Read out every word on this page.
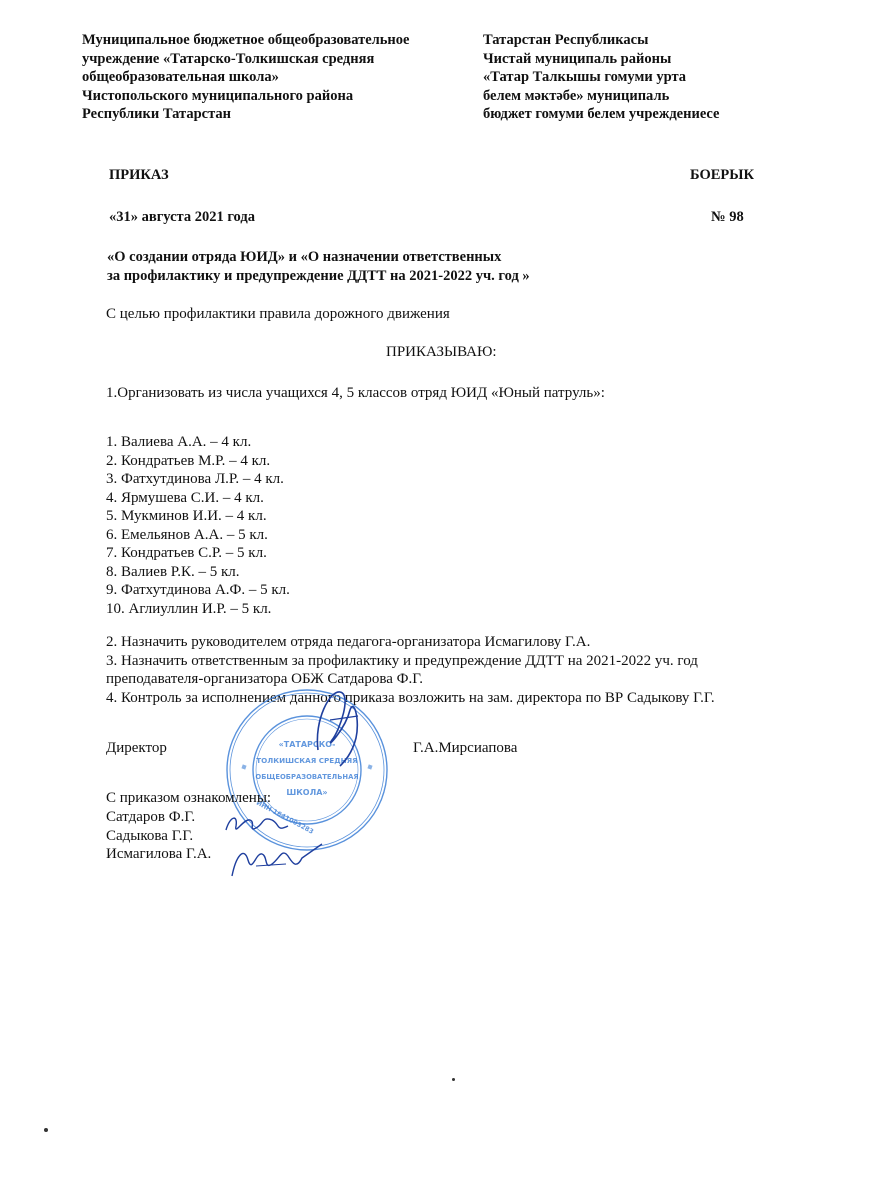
Муниципальное бюджетное общеобразовательное
учреждение «Татарско-Толкишская средняя
общеобразовательная школа»
Чистопольского муниципального района
Республики Татарстан
Татарстан Республикасы
Чистай муниципаль районы
«Татар Талкышы гомуми урта
белем мәктәбе» муниципаль
бюджет гомуми белем учреждениесе
ПРИКАЗ	БОЕРЫК
«31» августа 2021 года	№ 98
«О создании отряда ЮИД» и «О назначении ответственных
за профилактику и предупреждение ДДТТ на 2021-2022 уч. год »
С целью профилактики правила дорожного движения
ПРИКАЗЫВАЮ:
1.Организовать из числа учащихся 4, 5 классов отряд ЮИД «Юный патруль»:
1. Валиева А.А. – 4 кл.
2. Кондратьев М.Р. – 4 кл.
3. Фатхутдинова Л.Р. – 4 кл.
4. Ярмушева С.И. – 4 кл.
5. Мукминов И.И. – 4 кл.
6. Емельянов А.А. – 5 кл.
7. Кондратьев С.Р. – 5 кл.
8. Валиев Р.К. – 5 кл.
9. Фатхутдинова А.Ф. – 5 кл.
10. Аглиуллин И.Р. – 5 кл.
2. Назначить руководителем отряда педагога-организатора Исмагилову Г.А.
3. Назначить ответственным за профилактику и предупреждение ДДТТ на 2021-2022 уч. год
преподавателя-организатора ОБЖ Сатдарова Ф.Г.
4. Контроль за исполнением данного приказа возложить на зам. директора по ВР Садыкову Г.Г.
«ТАТАРСКО-
ТОЛКИШСКАЯ СРЕДНЯЯ
ОБЩЕОБРАЗОВАТЕЛЬНАЯ
ШКОЛА»
ИНН 1641003283
Директор	Г.А.Мирсиапова
С приказом ознакомлены:
Сатдаров Ф.Г.
Садыкова Г.Г.
Исмагилова Г.А.
